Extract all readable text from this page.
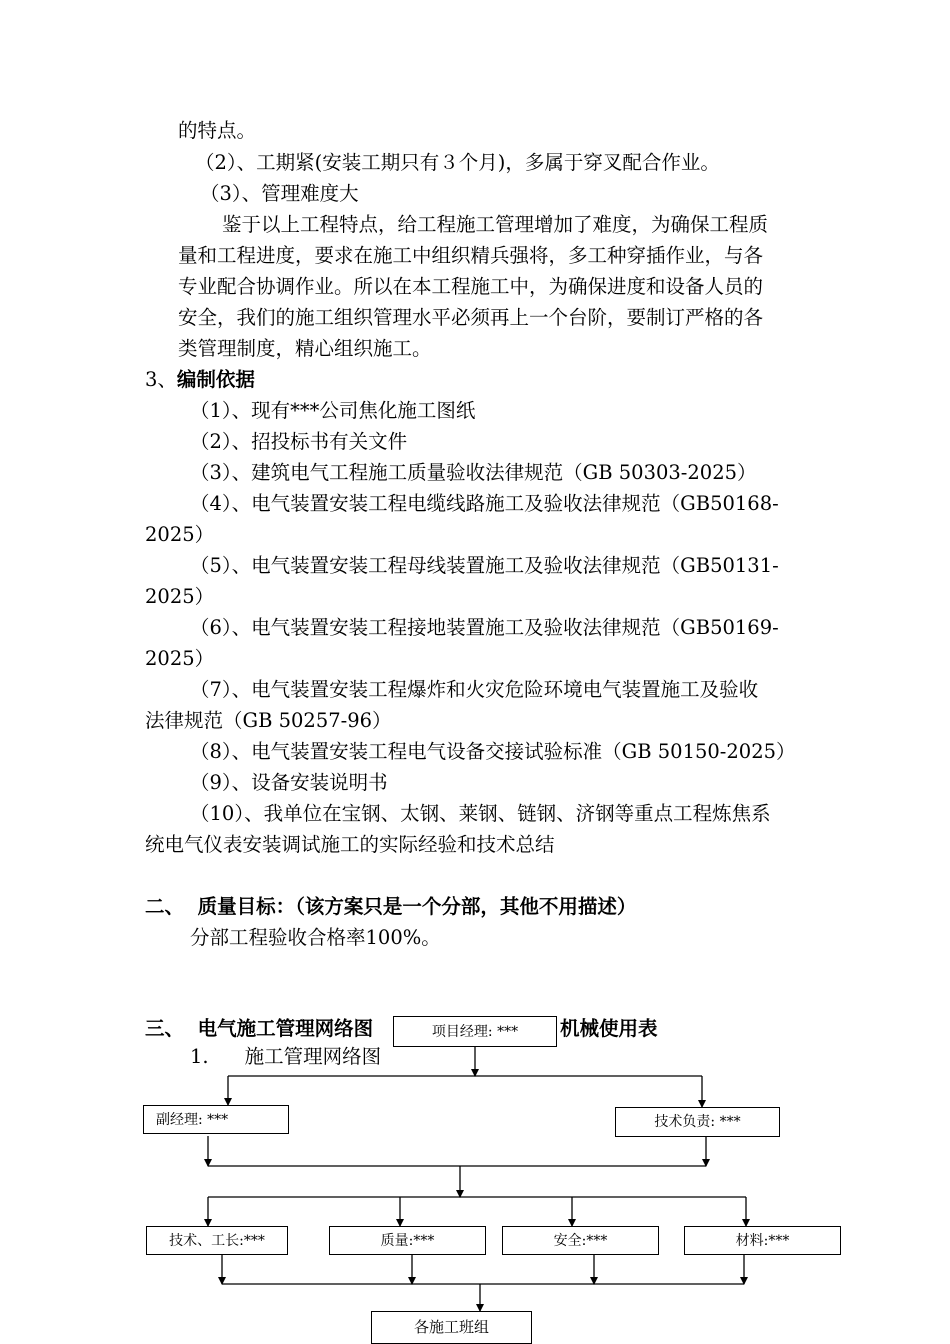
的特点。
（2）、工期紧(安装工期只有３个月)，多属于穿叉配合作业。
（3）、管理难度大
鉴于以上工程特点，给工程施工管理增加了难度，为确保工程质
量和工程进度，要求在施工中组织精兵强将，多工种穿插作业，与各
专业配合协调作业。所以在本工程施工中，为确保进度和设备人员的
安全，我们的施工组织管理水平必须再上一个台阶，要制订严格的各
类管理制度，精心组织施工。
3、编制依据
（1）、现有***公司焦化施工图纸
（2）、招投标书有关文件
（3）、建筑电气工程施工质量验收法律规范（GB 50303-2025）
（4）、电气装置安装工程电缆线路施工及验收法律规范（GB50168-
2025）
（5）、电气装置安装工程母线装置施工及验收法律规范（GB50131-
2025）
（6）、电气装置安装工程接地装置施工及验收法律规范（GB50169-
2025）
（7）、电气装置安装工程爆炸和火灾危险环境电气装置施工及验收
法律规范（GB 50257-96）
（8）、电气装置安装工程电气设备交接试验标准（GB 50150-2025）
（9）、设备安装说明书
（10）、我单位在宝钢、太钢、莱钢、链钢、济钢等重点工程炼焦系
统电气仪表安装调试施工的实际经验和技术总结
二、  质量目标：（该方案只是一个分部，其他不用描述）
分部工程验收合格率100%。
三、  电气施工管理网络图	机械使用表
1. 施工管理网络图
项目经理: ***
副经理: ***	技术负责: ***
技术、工长:***	质量:***	安全:***	材料:***
各施工班组
